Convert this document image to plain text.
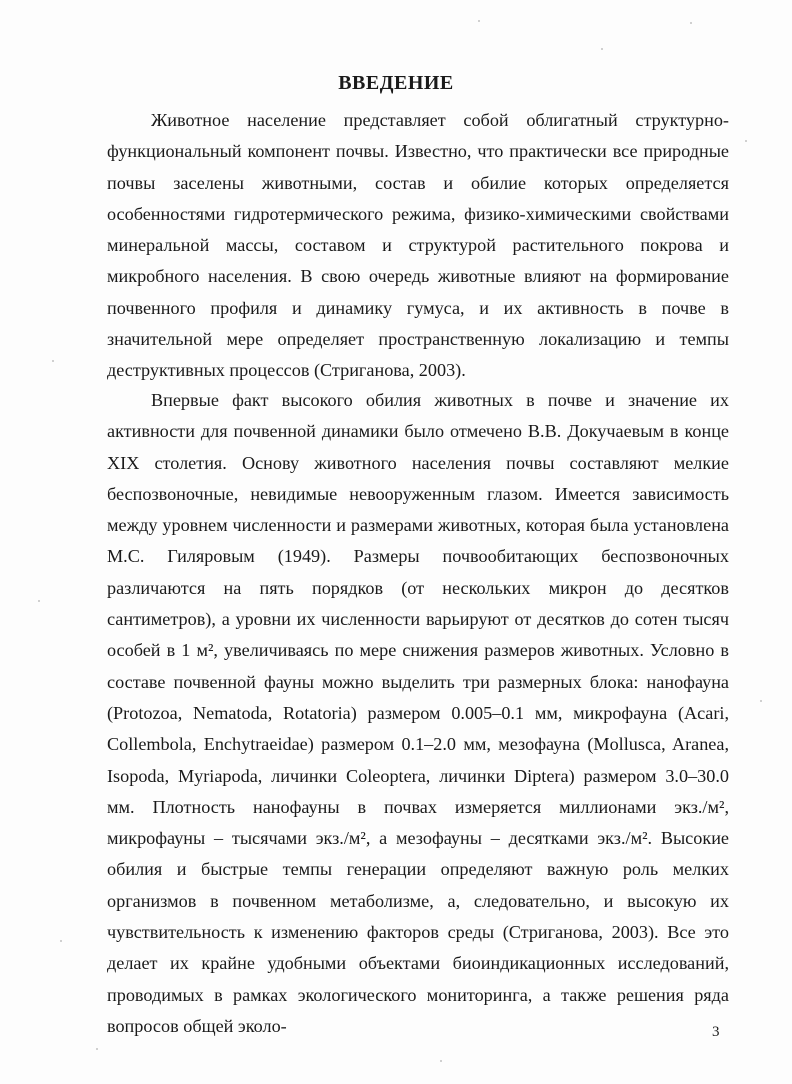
ВВЕДЕНИЕ

Животное население представляет собой облигатный структурно-функциональный компонент почвы. Известно, что практически все природные почвы заселены животными, состав и обилие которых определяется особенностями гидротермического режима, физико-химическими свойствами минеральной массы, составом и структурой растительного покрова и микробного населения. В свою очередь животные влияют на формирование почвенного профиля и динамику гумуса, и их активность в почве в значительной мере определяет пространственную локализацию и темпы деструктивных процессов (Стриганова, 2003).

Впервые факт высокого обилия животных в почве и значение их активности для почвенной динамики было отмечено В.В. Докучаевым в конце XIX столетия. Основу животного населения почвы составляют мелкие беспозвоночные, невидимые невооруженным глазом. Имеется зависимость между уровнем численности и размерами животных, которая была установлена М.С. Гиляровым (1949). Размеры почвообитающих беспозвоночных различаются на пять порядков (от нескольких микрон до десятков сантиметров), а уровни их численности варьируют от десятков до сотен тысяч особей в 1 м², увеличиваясь по мере снижения размеров животных. Условно в составе почвенной фауны можно выделить три размерных блока: нанофауна (Protozoa, Nematoda, Rotatoria) размером 0.005–0.1 мм, микрофауна (Acari, Collembola, Enchytraeidae) размером 0.1–2.0 мм, мезофауна (Mollusca, Aranea, Isopoda, Myriapoda, личинки Coleoptera, личинки Diptera) размером 3.0–30.0 мм. Плотность нанофауны в почвах измеряется миллионами экз./м², микрофауны – тысячами экз./м², а мезофауны – десятками экз./м². Высокие обилия и быстрые темпы генерации определяют важную роль мелких организмов в почвенном метаболизме, а, следовательно, и высокую их чувствительность к изменению факторов среды (Стриганова, 2003). Все это делает их крайне удобными объектами биоиндикационных исследований, проводимых в рамках экологического мониторинга, а также решения ряда вопросов общей эколо-	3
